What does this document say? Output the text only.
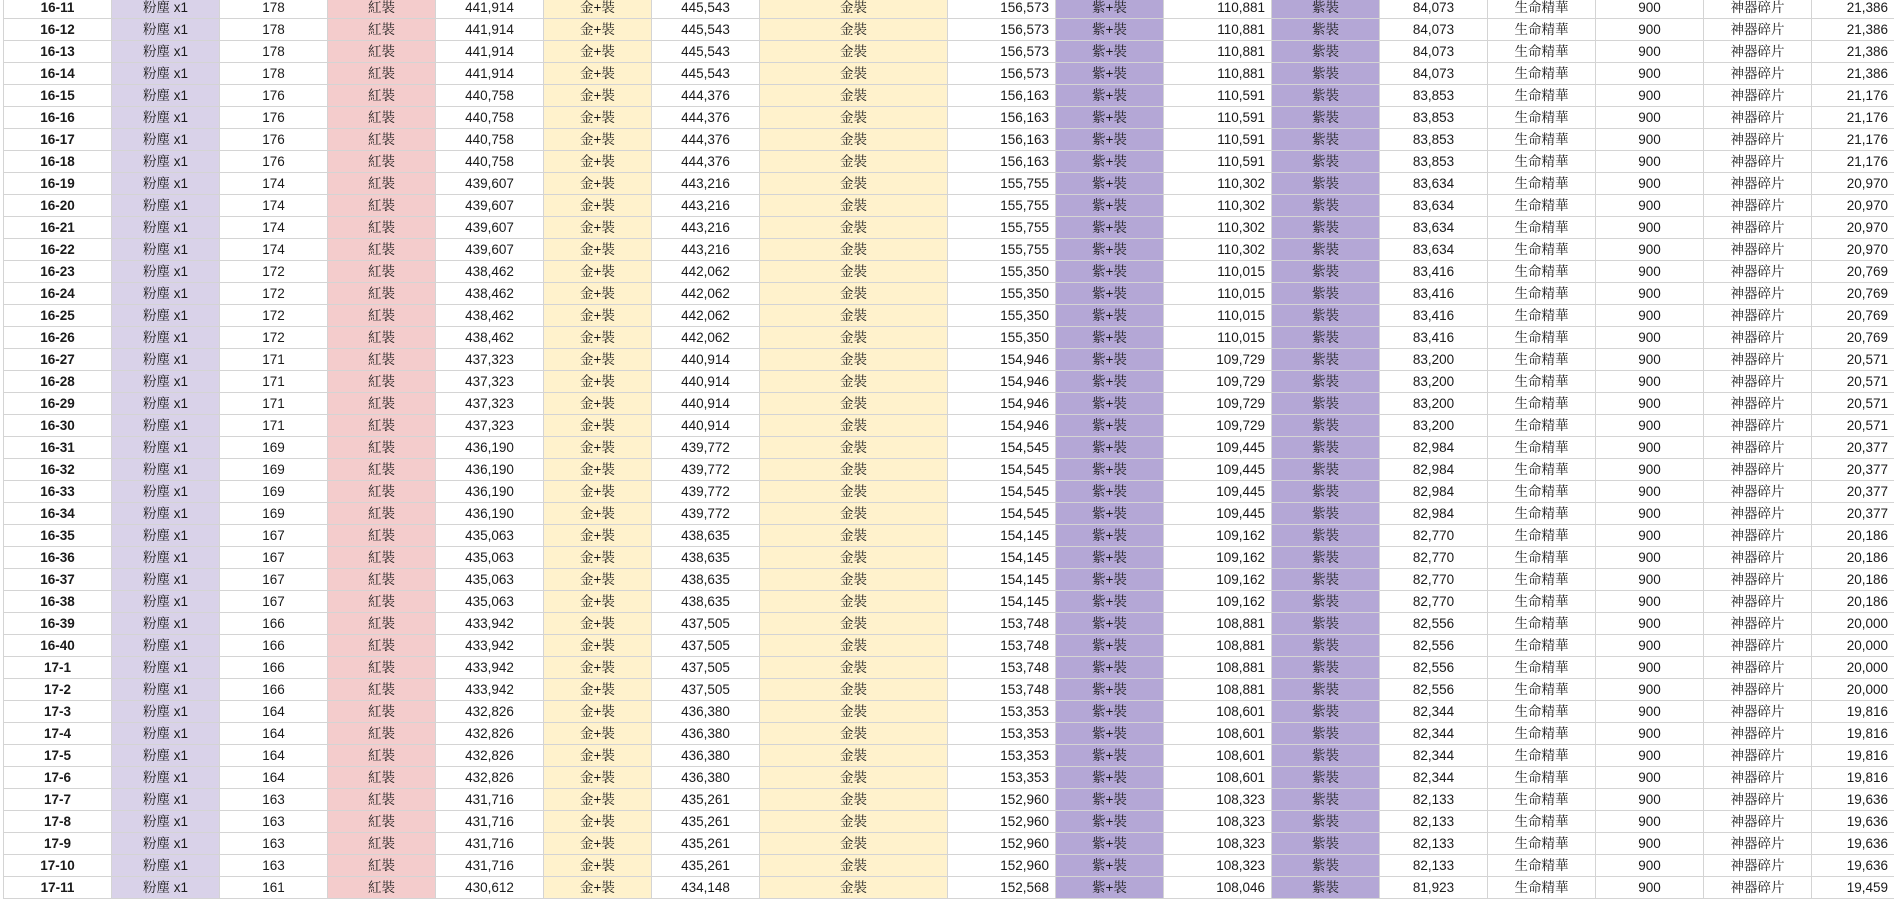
16-11	粉塵 x1	178	紅裝	441,914	金+裝	445,543	金裝	156,573	紫+裝	110,881	紫裝	84,073	生命精華	900	神器碎片	21,386
16-12	粉塵 x1	178	紅裝	441,914	金+裝	445,543	金裝	156,573	紫+裝	110,881	紫裝	84,073	生命精華	900	神器碎片	21,386
16-13	粉塵 x1	178	紅裝	441,914	金+裝	445,543	金裝	156,573	紫+裝	110,881	紫裝	84,073	生命精華	900	神器碎片	21,386
16-14	粉塵 x1	178	紅裝	441,914	金+裝	445,543	金裝	156,573	紫+裝	110,881	紫裝	84,073	生命精華	900	神器碎片	21,386
16-15	粉塵 x1	176	紅裝	440,758	金+裝	444,376	金裝	156,163	紫+裝	110,591	紫裝	83,853	生命精華	900	神器碎片	21,176
16-16	粉塵 x1	176	紅裝	440,758	金+裝	444,376	金裝	156,163	紫+裝	110,591	紫裝	83,853	生命精華	900	神器碎片	21,176
16-17	粉塵 x1	176	紅裝	440,758	金+裝	444,376	金裝	156,163	紫+裝	110,591	紫裝	83,853	生命精華	900	神器碎片	21,176
16-18	粉塵 x1	176	紅裝	440,758	金+裝	444,376	金裝	156,163	紫+裝	110,591	紫裝	83,853	生命精華	900	神器碎片	21,176
16-19	粉塵 x1	174	紅裝	439,607	金+裝	443,216	金裝	155,755	紫+裝	110,302	紫裝	83,634	生命精華	900	神器碎片	20,970
16-20	粉塵 x1	174	紅裝	439,607	金+裝	443,216	金裝	155,755	紫+裝	110,302	紫裝	83,634	生命精華	900	神器碎片	20,970
16-21	粉塵 x1	174	紅裝	439,607	金+裝	443,216	金裝	155,755	紫+裝	110,302	紫裝	83,634	生命精華	900	神器碎片	20,970
16-22	粉塵 x1	174	紅裝	439,607	金+裝	443,216	金裝	155,755	紫+裝	110,302	紫裝	83,634	生命精華	900	神器碎片	20,970
16-23	粉塵 x1	172	紅裝	438,462	金+裝	442,062	金裝	155,350	紫+裝	110,015	紫裝	83,416	生命精華	900	神器碎片	20,769
16-24	粉塵 x1	172	紅裝	438,462	金+裝	442,062	金裝	155,350	紫+裝	110,015	紫裝	83,416	生命精華	900	神器碎片	20,769
16-25	粉塵 x1	172	紅裝	438,462	金+裝	442,062	金裝	155,350	紫+裝	110,015	紫裝	83,416	生命精華	900	神器碎片	20,769
16-26	粉塵 x1	172	紅裝	438,462	金+裝	442,062	金裝	155,350	紫+裝	110,015	紫裝	83,416	生命精華	900	神器碎片	20,769
16-27	粉塵 x1	171	紅裝	437,323	金+裝	440,914	金裝	154,946	紫+裝	109,729	紫裝	83,200	生命精華	900	神器碎片	20,571
16-28	粉塵 x1	171	紅裝	437,323	金+裝	440,914	金裝	154,946	紫+裝	109,729	紫裝	83,200	生命精華	900	神器碎片	20,571
16-29	粉塵 x1	171	紅裝	437,323	金+裝	440,914	金裝	154,946	紫+裝	109,729	紫裝	83,200	生命精華	900	神器碎片	20,571
16-30	粉塵 x1	171	紅裝	437,323	金+裝	440,914	金裝	154,946	紫+裝	109,729	紫裝	83,200	生命精華	900	神器碎片	20,571
16-31	粉塵 x1	169	紅裝	436,190	金+裝	439,772	金裝	154,545	紫+裝	109,445	紫裝	82,984	生命精華	900	神器碎片	20,377
16-32	粉塵 x1	169	紅裝	436,190	金+裝	439,772	金裝	154,545	紫+裝	109,445	紫裝	82,984	生命精華	900	神器碎片	20,377
16-33	粉塵 x1	169	紅裝	436,190	金+裝	439,772	金裝	154,545	紫+裝	109,445	紫裝	82,984	生命精華	900	神器碎片	20,377
16-34	粉塵 x1	169	紅裝	436,190	金+裝	439,772	金裝	154,545	紫+裝	109,445	紫裝	82,984	生命精華	900	神器碎片	20,377
16-35	粉塵 x1	167	紅裝	435,063	金+裝	438,635	金裝	154,145	紫+裝	109,162	紫裝	82,770	生命精華	900	神器碎片	20,186
16-36	粉塵 x1	167	紅裝	435,063	金+裝	438,635	金裝	154,145	紫+裝	109,162	紫裝	82,770	生命精華	900	神器碎片	20,186
16-37	粉塵 x1	167	紅裝	435,063	金+裝	438,635	金裝	154,145	紫+裝	109,162	紫裝	82,770	生命精華	900	神器碎片	20,186
16-38	粉塵 x1	167	紅裝	435,063	金+裝	438,635	金裝	154,145	紫+裝	109,162	紫裝	82,770	生命精華	900	神器碎片	20,186
16-39	粉塵 x1	166	紅裝	433,942	金+裝	437,505	金裝	153,748	紫+裝	108,881	紫裝	82,556	生命精華	900	神器碎片	20,000
16-40	粉塵 x1	166	紅裝	433,942	金+裝	437,505	金裝	153,748	紫+裝	108,881	紫裝	82,556	生命精華	900	神器碎片	20,000
17-1	粉塵 x1	166	紅裝	433,942	金+裝	437,505	金裝	153,748	紫+裝	108,881	紫裝	82,556	生命精華	900	神器碎片	20,000
17-2	粉塵 x1	166	紅裝	433,942	金+裝	437,505	金裝	153,748	紫+裝	108,881	紫裝	82,556	生命精華	900	神器碎片	20,000
17-3	粉塵 x1	164	紅裝	432,826	金+裝	436,380	金裝	153,353	紫+裝	108,601	紫裝	82,344	生命精華	900	神器碎片	19,816
17-4	粉塵 x1	164	紅裝	432,826	金+裝	436,380	金裝	153,353	紫+裝	108,601	紫裝	82,344	生命精華	900	神器碎片	19,816
17-5	粉塵 x1	164	紅裝	432,826	金+裝	436,380	金裝	153,353	紫+裝	108,601	紫裝	82,344	生命精華	900	神器碎片	19,816
17-6	粉塵 x1	164	紅裝	432,826	金+裝	436,380	金裝	153,353	紫+裝	108,601	紫裝	82,344	生命精華	900	神器碎片	19,816
17-7	粉塵 x1	163	紅裝	431,716	金+裝	435,261	金裝	152,960	紫+裝	108,323	紫裝	82,133	生命精華	900	神器碎片	19,636
17-8	粉塵 x1	163	紅裝	431,716	金+裝	435,261	金裝	152,960	紫+裝	108,323	紫裝	82,133	生命精華	900	神器碎片	19,636
17-9	粉塵 x1	163	紅裝	431,716	金+裝	435,261	金裝	152,960	紫+裝	108,323	紫裝	82,133	生命精華	900	神器碎片	19,636
17-10	粉塵 x1	163	紅裝	431,716	金+裝	435,261	金裝	152,960	紫+裝	108,323	紫裝	82,133	生命精華	900	神器碎片	19,636
17-11	粉塵 x1	161	紅裝	430,612	金+裝	434,148	金裝	152,568	紫+裝	108,046	紫裝	81,923	生命精華	900	神器碎片	19,459
